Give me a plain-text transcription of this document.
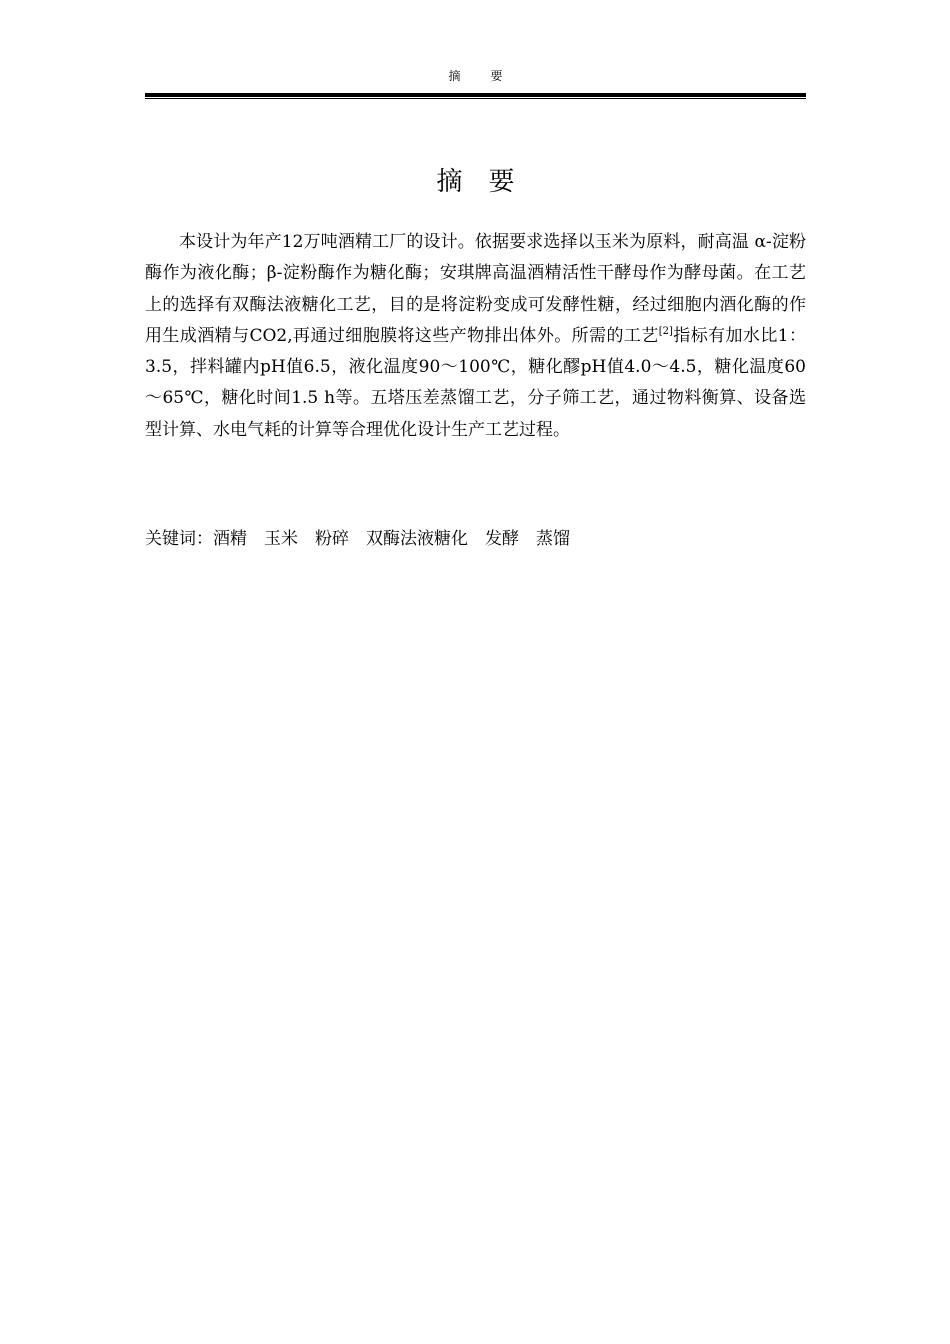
摘	要
摘 要

本设计为年产12万吨酒精工厂的设计。依据要求选择以玉米为原料，耐高温 α-淀粉酶作为液化酶；β-淀粉酶作为糖化酶；安琪牌高温酒精活性干酵母作为酵母菌。在工艺上的选择有双酶法液糖化工艺，目的是将淀粉变成可发酵性糖，经过细胞内酒化酶的作用生成酒精与CO2,再通过细胞膜将这些产物排出体外。所需的工艺[2]指标有加水比1：3.5，拌料罐内pH值6.5，液化温度90～100℃，糖化醪pH值4.0～4.5，糖化温度60～65℃，糖化时间1.5 h等。五塔压差蒸馏工艺，分子筛工艺，通过物料衡算、设备选型计算、水电气耗的计算等合理优化设计生产工艺过程。

关键词：酒精 玉米 粉碎 双酶法液糖化 发酵 蒸馏
